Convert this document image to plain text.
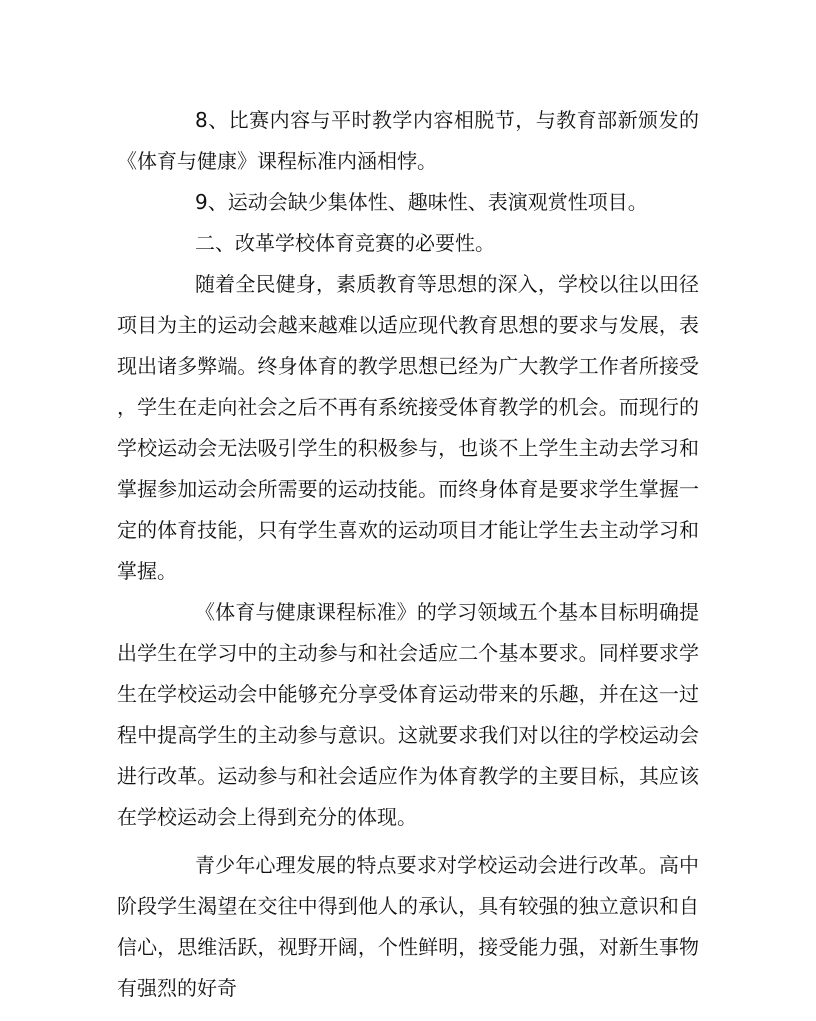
8、比赛内容与平时教学内容相脱节，与教育部新颁发的《体育与健康》课程标准内涵相悖。

9、运动会缺少集体性、趣味性、表演观赏性项目。

二、改革学校体育竞赛的必要性。

随着全民健身，素质教育等思想的深入，学校以往以田径项目为主的运动会越来越难以适应现代教育思想的要求与发展，表现出诸多弊端。终身体育的教学思想已经为广大教学工作者所接受，学生在走向社会之后不再有系统接受体育教学的机会。而现行的学校运动会无法吸引学生的积极参与，也谈不上学生主动去学习和掌握参加运动会所需要的运动技能。而终身体育是要求学生掌握一定的体育技能，只有学生喜欢的运动项目才能让学生去主动学习和掌握。

《体育与健康课程标准》的学习领域五个基本目标明确提出学生在学习中的主动参与和社会适应二个基本要求。同样要求学生在学校运动会中能够充分享受体育运动带来的乐趣，并在这一过程中提高学生的主动参与意识。这就要求我们对以往的学校运动会进行改革。运动参与和社会适应作为体育教学的主要目标，其应该在学校运动会上得到充分的体现。

青少年心理发展的特点要求对学校运动会进行改革。高中阶段学生渴望在交往中得到他人的承认，具有较强的独立意识和自信心，思维活跃，视野开阔，个性鲜明，接受能力强，对新生事物有强烈的好奇
